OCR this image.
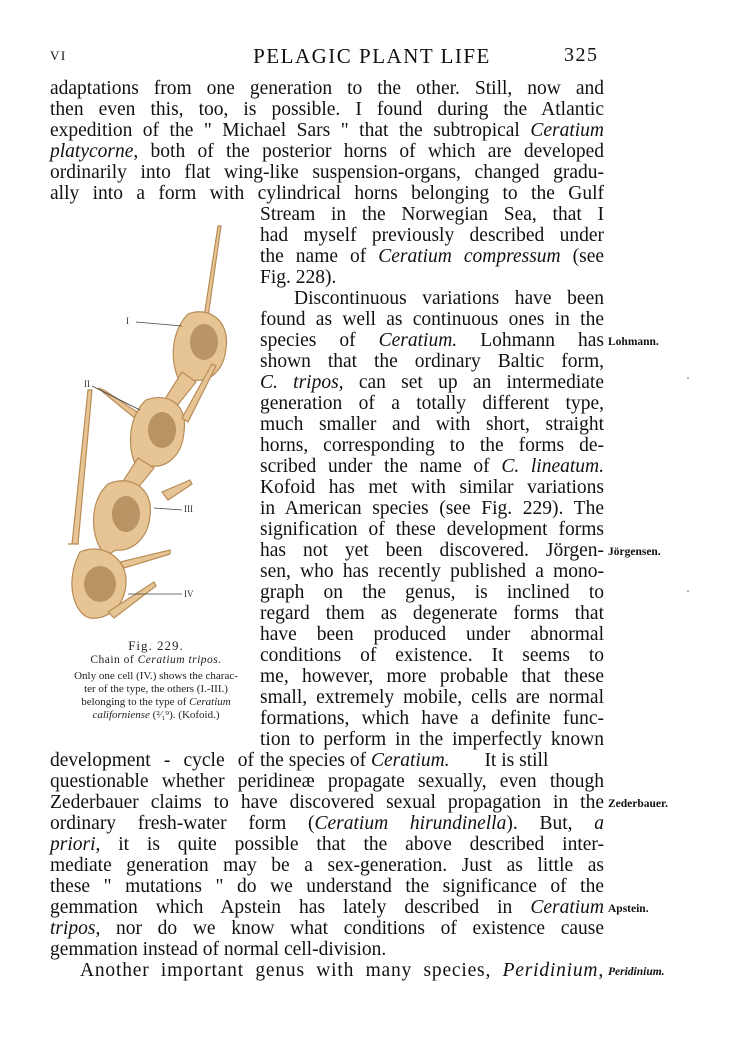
VI	PELAGIC PLANT LIFE	325
adaptations from one generation to the other. Still, now and
then even this, too, is possible. I found during the Atlantic
expedition of the " Michael Sars " that the subtropical Ceratium
platycorne, both of the posterior horns of which are developed
ordinarily into flat wing-like suspension-organs, changed gradu-
ally into a form with cylindrical horns belonging to the Gulf
Stream in the Norwegian Sea, that I
had myself previously described under
the name of Ceratium compressum (see
Fig. 228).
Discontinuous variations have been
found as well as continuous ones in the
species of Ceratium. Lohmann has
shown that the ordinary Baltic form,
C. tripos, can set up an intermediate
generation of a totally different type,
much smaller and with short, straight
horns, corresponding to the forms de-
scribed under the name of C. lineatum.
Kofoid has met with similar variations
in American species (see Fig. 229). The
signification of these development forms
has not yet been discovered. Jörgen-
sen, who has recently published a mono-
graph on the genus, is inclined to
regard them as degenerate forms that
have been produced under abnormal
conditions of existence. It seems to
me, however, more probable that these
small, extremely mobile, cells are normal
formations, which have a definite func-
tion to perform in the imperfectly known
development - cycle of the species of Ceratium. It is still
questionable whether peridineæ propagate sexually, even though
Zederbauer claims to have discovered sexual propagation in the
ordinary fresh-water form (Ceratium hirundinella). But, a
priori, it is quite possible that the above described inter-
mediate generation may be a sex-generation. Just as little as
these " mutations " do we understand the significance of the
gemmation which Apstein has lately described in Ceratium
tripos, nor do we know what conditions of existence cause
gemmation instead of normal cell-division.
Another important genus with many species, Peridinium,
Lohmann.
Jörgensen.
Zederbauer.
Apstein.
Peridinium.
I
II
III
IV
Fig. 229.
Chain of Ceratium tripos.
Only one cell (IV.) shows the charac-
ter of the type, the others (I.-III.)
belonging to the type of Ceratium
californiense (²⁄₁⁹). (Kofoid.)
